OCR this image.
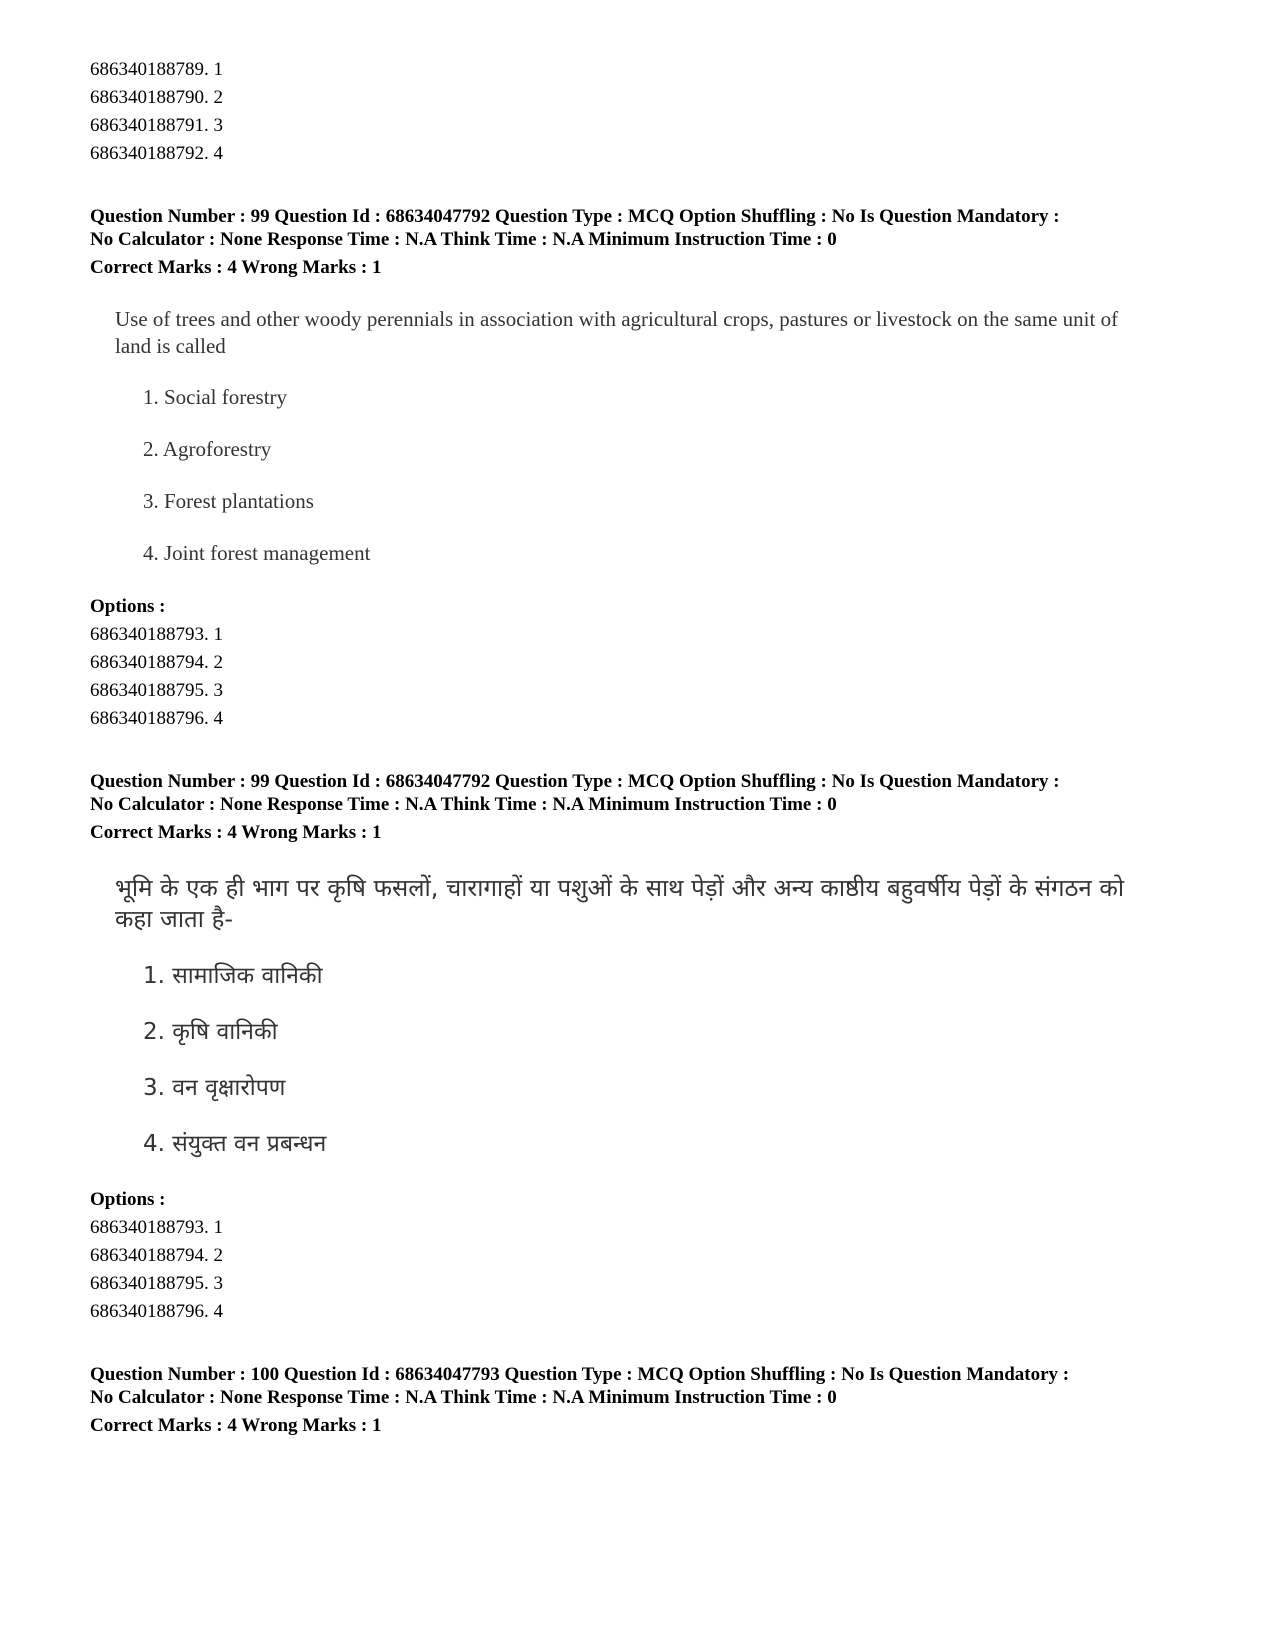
686340188789. 1
686340188790. 2
686340188791. 3
686340188792. 4
Question Number : 99 Question Id : 68634047792 Question Type : MCQ Option Shuffling : No Is Question Mandatory :
No Calculator : None Response Time : N.A Think Time : N.A Minimum Instruction Time : 0
Correct Marks : 4 Wrong Marks : 1
Use of trees and other woody perennials in association with agricultural crops, pastures or livestock on the same unit of land is called
1. Social forestry
2. Agroforestry
3. Forest plantations
4. Joint forest management
Options :
686340188793. 1
686340188794. 2
686340188795. 3
686340188796. 4
Question Number : 99 Question Id : 68634047792 Question Type : MCQ Option Shuffling : No Is Question Mandatory :
No Calculator : None Response Time : N.A Think Time : N.A Minimum Instruction Time : 0
Correct Marks : 4 Wrong Marks : 1
भूमि के एक ही भाग पर कृषि फसलों, चारागाहों या पशुओं के साथ पेड़ों और अन्य काष्ठीय बहुवर्षीय पेड़ों के संगठन को कहा जाता है-
1. सामाजिक वानिकी
2. कृषि वानिकी
3. वन वृक्षारोपण
4. संयुक्त वन प्रबन्धन
Options :
686340188793. 1
686340188794. 2
686340188795. 3
686340188796. 4
Question Number : 100 Question Id : 68634047793 Question Type : MCQ Option Shuffling : No Is Question Mandatory :
No Calculator : None Response Time : N.A Think Time : N.A Minimum Instruction Time : 0
Correct Marks : 4 Wrong Marks : 1
